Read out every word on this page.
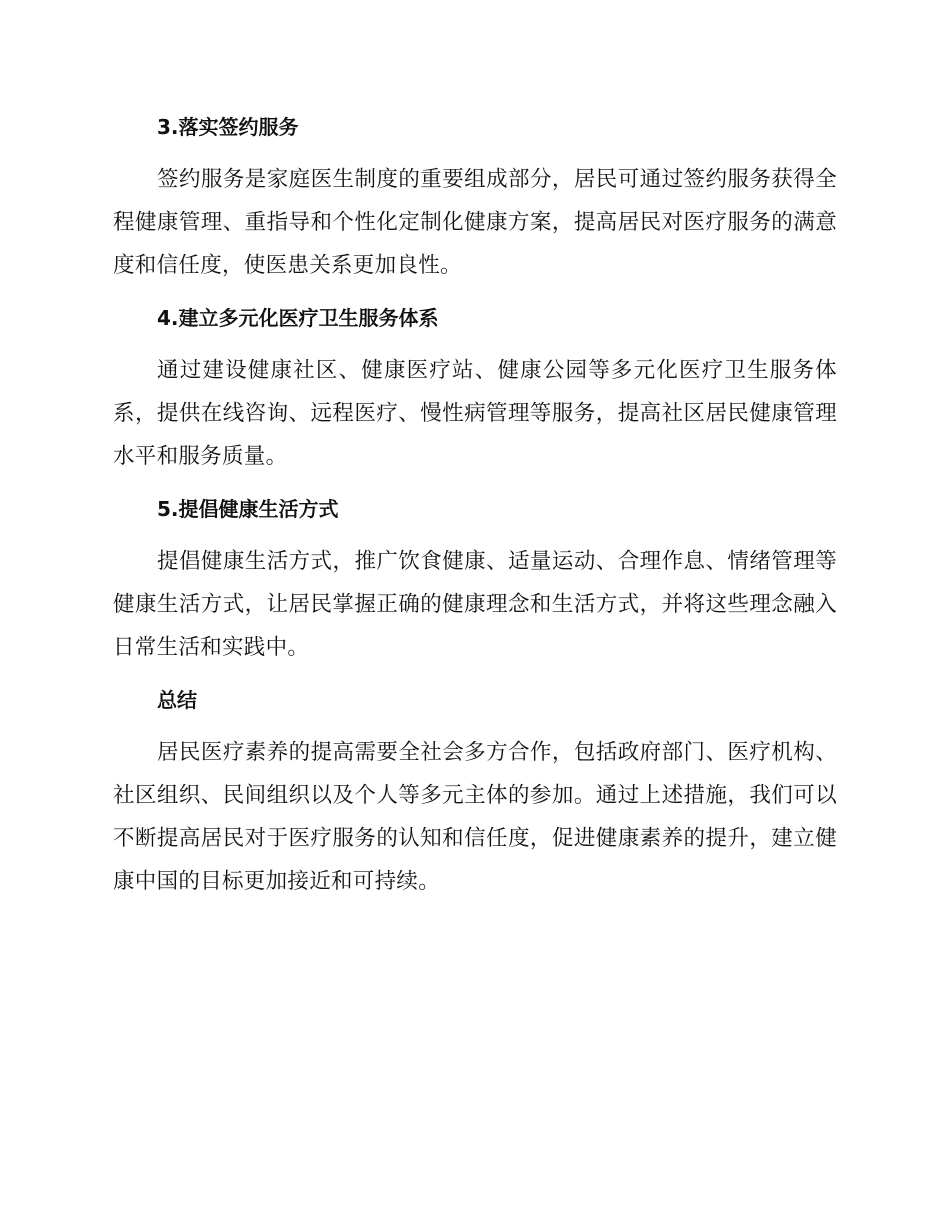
3.落实签约服务

签约服务是家庭医生制度的重要组成部分，居民可通过签约服务获得全程健康管理、重指导和个性化定制化健康方案，提高居民对医疗服务的满意度和信任度，使医患关系更加良性。

4.建立多元化医疗卫生服务体系

通过建设健康社区、健康医疗站、健康公园等多元化医疗卫生服务体系，提供在线咨询、远程医疗、慢性病管理等服务，提高社区居民健康管理水平和服务质量。

5.提倡健康生活方式

提倡健康生活方式，推广饮食健康、适量运动、合理作息、情绪管理等健康生活方式，让居民掌握正确的健康理念和生活方式，并将这些理念融入日常生活和实践中。

总结

居民医疗素养的提高需要全社会多方合作，包括政府部门、医疗机构、社区组织、民间组织以及个人等多元主体的参加。通过上述措施，我们可以不断提高居民对于医疗服务的认知和信任度，促进健康素养的提升，建立健康中国的目标更加接近和可持续。
